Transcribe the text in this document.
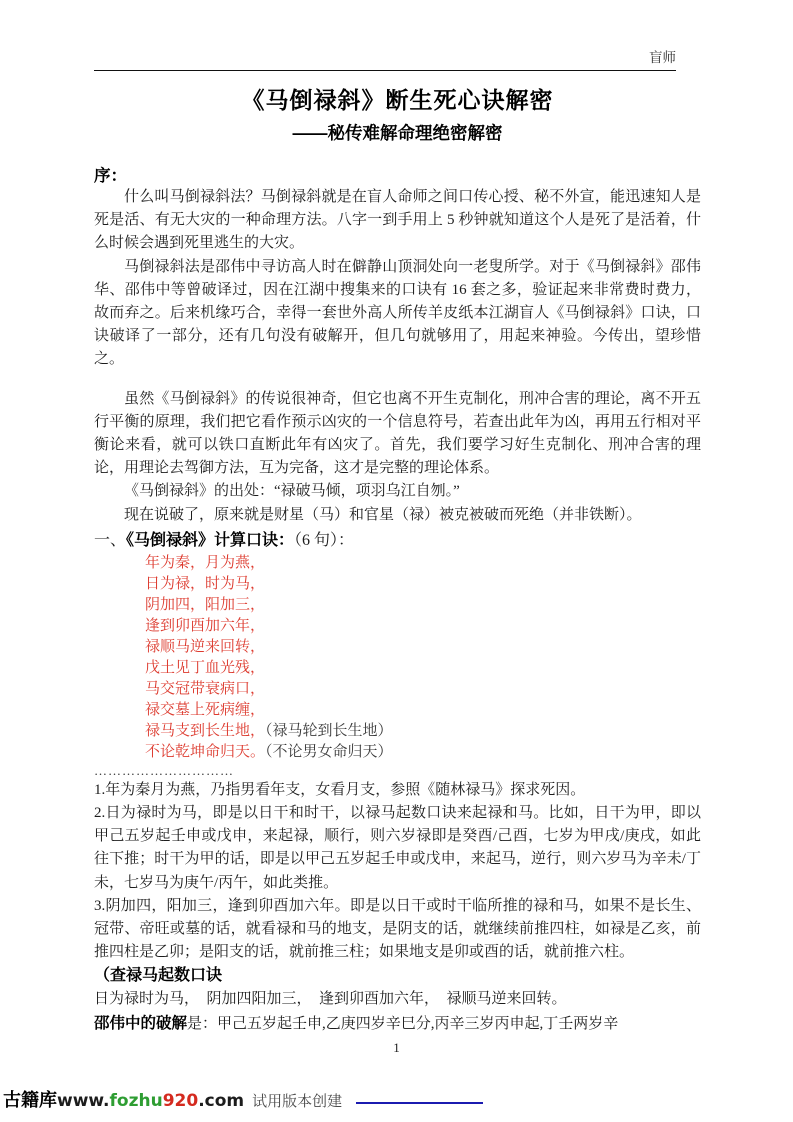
盲师
《马倒禄斜》断生死心诀解密
——秘传难解命理绝密解密
序：

什么叫马倒禄斜法？马倒禄斜就是在盲人命师之间口传心授、秘不外宣，能迅速知人是死是活、有无大灾的一种命理方法。八字一到手用上 5 秒钟就知道这个人是死了是活着，什么时候会遇到死里逃生的大灾。

马倒禄斜法是邵伟中寻访高人时在僻静山顶洞处向一老叟所学。对于《马倒禄斜》邵伟华、邵伟中等曾破译过，因在江湖中搜集来的口诀有 16 套之多，验证起来非常费时费力，故而弃之。后来机缘巧合，幸得一套世外高人所传羊皮纸本江湖盲人《马倒禄斜》口诀，口诀破译了一部分，还有几句没有破解开，但几句就够用了，用起来神验。今传出，望珍惜之。

虽然《马倒禄斜》的传说很神奇，但它也离不开生克制化，刑冲合害的理论，离不开五行平衡的原理，我们把它看作预示凶灾的一个信息符号，若查出此年为凶，再用五行相对平衡论来看，就可以铁口直断此年有凶灾了。首先，我们要学习好生克制化、刑冲合害的理论，用理论去驾御方法，互为完备，这才是完整的理论体系。

《马倒禄斜》的出处：“禄破马倾，项羽乌江自刎。”

现在说破了，原来就是财星（马）和官星（禄）被克被破而死绝（并非铁断）。

一、《马倒禄斜》计算口诀：（6 句）：
年为秦，月为燕，
日为禄，时为马，
阴加四，阳加三，
逢到卯酉加六年，
禄顺马逆来回转，
戊土见丁血光残，
马交冠带衰病口，
禄交墓上死病缠，
禄马支到长生地，（禄马轮到长生地）
不论乾坤命归天。（不论男女命归天）
…………………………

1.年为秦月为燕，乃指男看年支，女看月支，参照《随林禄马》探求死因。

2.日为禄时为马，即是以日干和时干，以禄马起数口诀来起禄和马。比如，日干为甲，即以甲己五岁起壬申或戊申，来起禄，顺行，则六岁禄即是癸酉/己酉，七岁为甲戌/庚戌，如此往下推；时干为甲的话，即是以甲己五岁起壬申或戊申，来起马，逆行，则六岁马为辛未/丁未，七岁马为庚午/丙午，如此类推。

3.阴加四，阳加三，逢到卯酉加六年。即是以日干或时干临所推的禄和马，如果不是长生、冠带、帝旺或墓的话，就看禄和马的地支，是阴支的话，就继续前推四柱，如禄是乙亥，前推四柱是乙卯；是阳支的话，就前推三柱；如果地支是卯或酉的话，就前推六柱。

（查禄马起数口诀

日为禄时为马，　阴加四阳加三，　逢到卯酉加六年，　禄顺马逆来回转。

邵伟中的破解是：甲己五岁起壬申,乙庚四岁辛巳分,丙辛三岁丙申起,丁壬两岁辛

1
古籍库www.fozhu920.com 试用版本创建
